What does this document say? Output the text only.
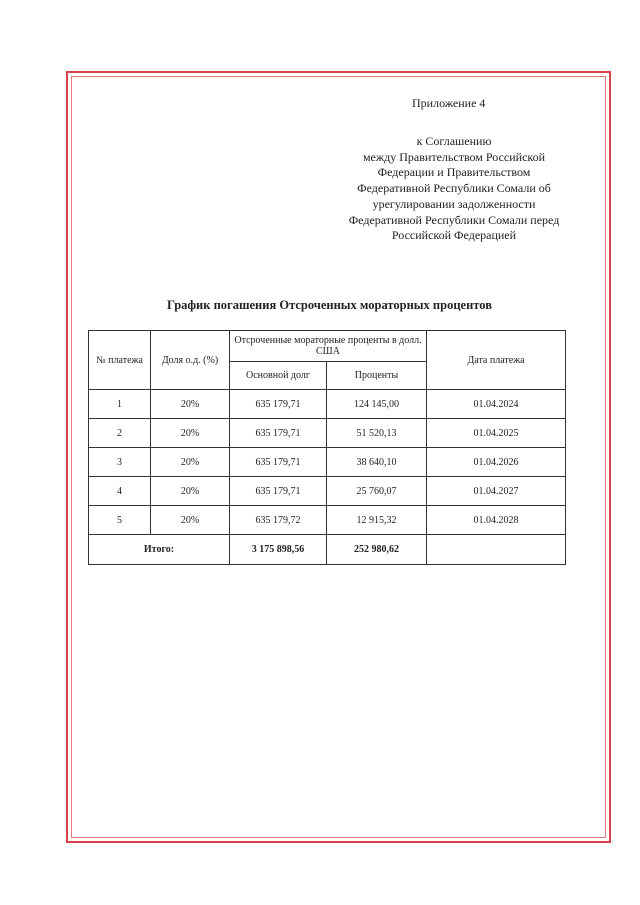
Приложение 4
к Соглашению
между Правительством Российской
Федерации и Правительством
Федеративной Республики Сомали об
урегулировании задолженности
Федеративной Республики Сомали перед
Российской Федерацией
График погашения Отсроченных мораторных процентов
№ платежа	Доля о.д. (%)	Отсроченные мораторные проценты в долл. США		Дата платежа
		Основной долг	Проценты	
1	20%	635 179,71	124 145,00	01.04.2024
2	20%	635 179,71	51 520,13	01.04.2025
3	20%	635 179,71	38 640,10	01.04.2026
4	20%	635 179,71	25 760,07	01.04.2027
5	20%	635 179,72	12 915,32	01.04.2028
Итого:		3 175 898,56	252 980,62	
